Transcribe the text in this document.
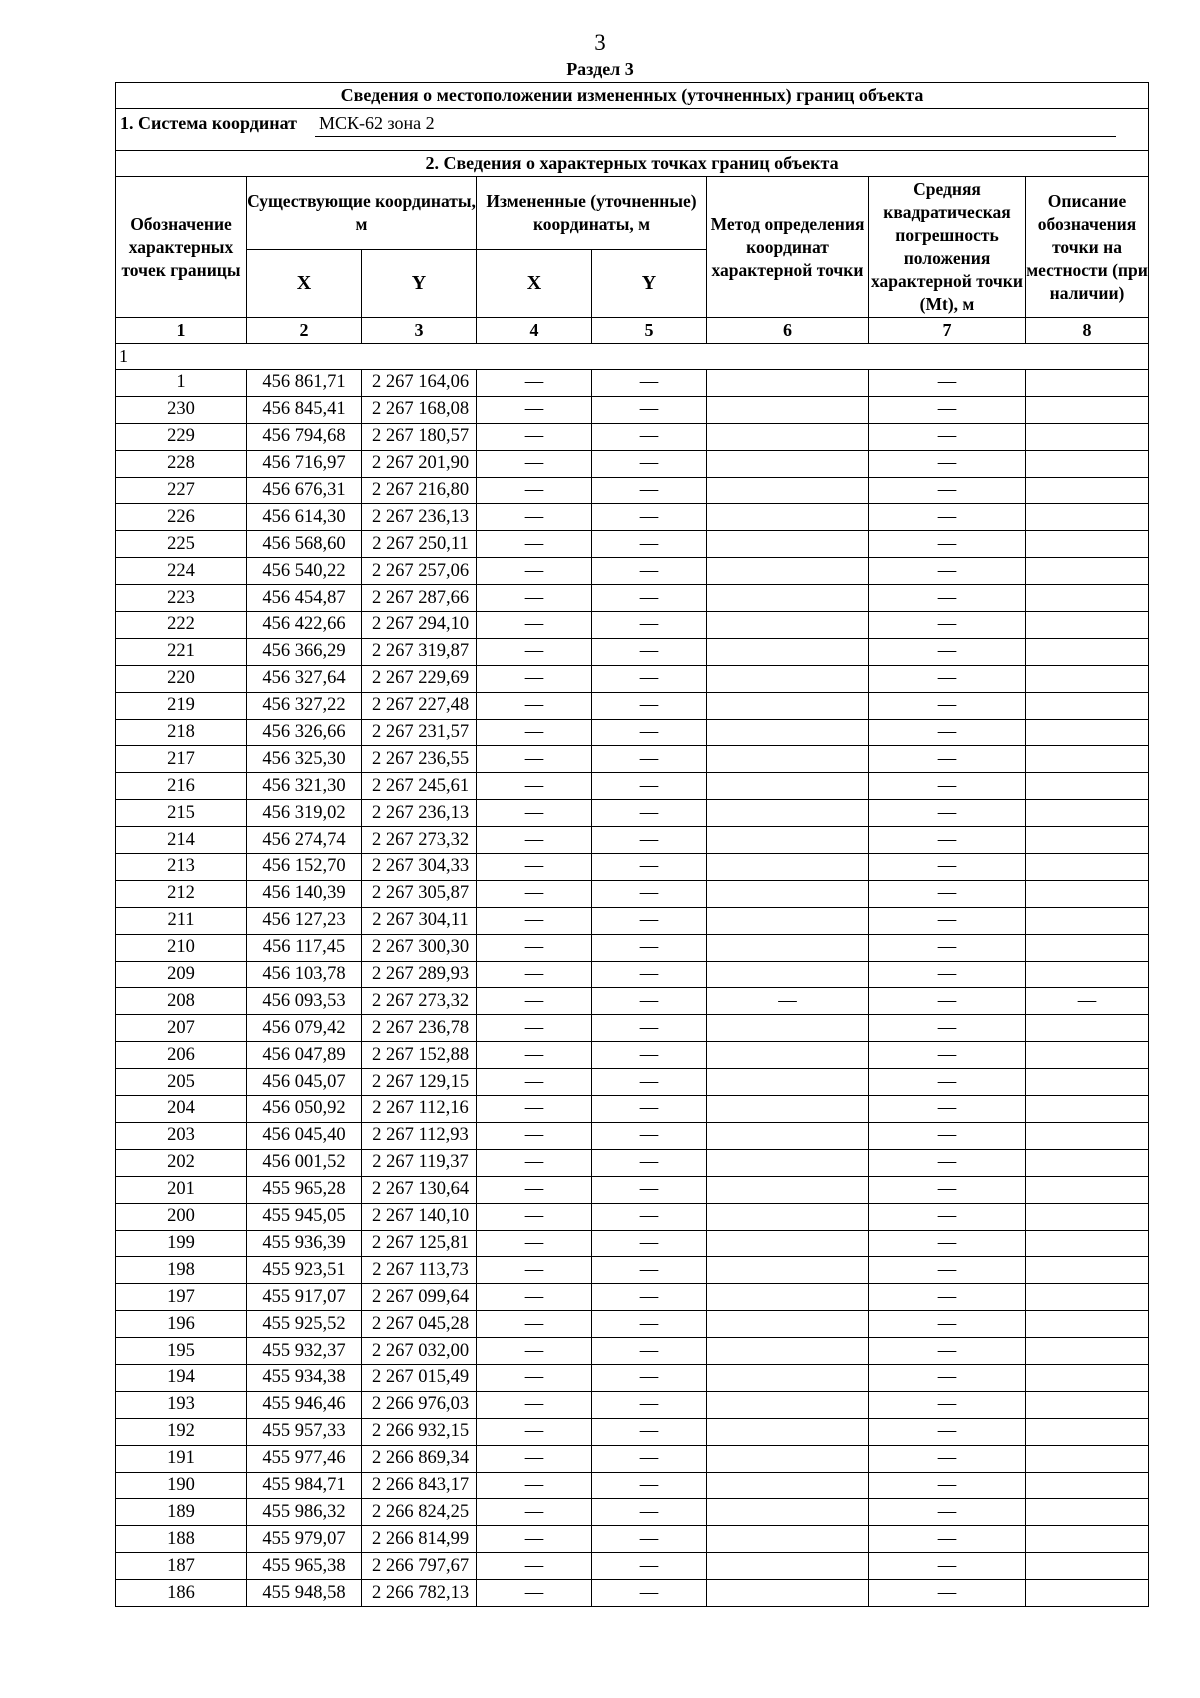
3
Раздел 3
Сведения о местоположении измененных (уточненных) границ объекта							
1. Система координат МСК-62 зона 2							
2. Сведения о характерных точках границ объекта							
Обозначение характерных точек границы	Существующие координаты, м		Измененные (уточненные) координаты, м		Метод определения координат характерной точки	Средняя квадратическая погрешность положения характерной точки (Mt), м	Описание обозначения точки на местности (при наличии)
	X	Y	X	Y			
1	2	3	4	5	6	7	8
1							
1	456 861,71	2 267 164,06	—	—		—	
230	456 845,41	2 267 168,08	—	—		—	
229	456 794,68	2 267 180,57	—	—		—	
228	456 716,97	2 267 201,90	—	—		—	
227	456 676,31	2 267 216,80	—	—		—	
226	456 614,30	2 267 236,13	—	—		—	
225	456 568,60	2 267 250,11	—	—		—	
224	456 540,22	2 267 257,06	—	—		—	
223	456 454,87	2 267 287,66	—	—		—	
222	456 422,66	2 267 294,10	—	—		—	
221	456 366,29	2 267 319,87	—	—		—	
220	456 327,64	2 267 229,69	—	—		—	
219	456 327,22	2 267 227,48	—	—		—	
218	456 326,66	2 267 231,57	—	—		—	
217	456 325,30	2 267 236,55	—	—		—	
216	456 321,30	2 267 245,61	—	—		—	
215	456 319,02	2 267 236,13	—	—		—	
214	456 274,74	2 267 273,32	—	—		—	
213	456 152,70	2 267 304,33	—	—		—	
212	456 140,39	2 267 305,87	—	—		—	
211	456 127,23	2 267 304,11	—	—		—	
210	456 117,45	2 267 300,30	—	—		—	
209	456 103,78	2 267 289,93	—	—		—	
208	456 093,53	2 267 273,32	—	—	—	—	—
207	456 079,42	2 267 236,78	—	—		—	
206	456 047,89	2 267 152,88	—	—		—	
205	456 045,07	2 267 129,15	—	—		—	
204	456 050,92	2 267 112,16	—	—		—	
203	456 045,40	2 267 112,93	—	—		—	
202	456 001,52	2 267 119,37	—	—		—	
201	455 965,28	2 267 130,64	—	—		—	
200	455 945,05	2 267 140,10	—	—		—	
199	455 936,39	2 267 125,81	—	—		—	
198	455 923,51	2 267 113,73	—	—		—	
197	455 917,07	2 267 099,64	—	—		—	
196	455 925,52	2 267 045,28	—	—		—	
195	455 932,37	2 267 032,00	—	—		—	
194	455 934,38	2 267 015,49	—	—		—	
193	455 946,46	2 266 976,03	—	—		—	
192	455 957,33	2 266 932,15	—	—		—	
191	455 977,46	2 266 869,34	—	—		—	
190	455 984,71	2 266 843,17	—	—		—	
189	455 986,32	2 266 824,25	—	—		—	
188	455 979,07	2 266 814,99	—	—		—	
187	455 965,38	2 266 797,67	—	—		—	
186	455 948,58	2 266 782,13	—	—		—	
